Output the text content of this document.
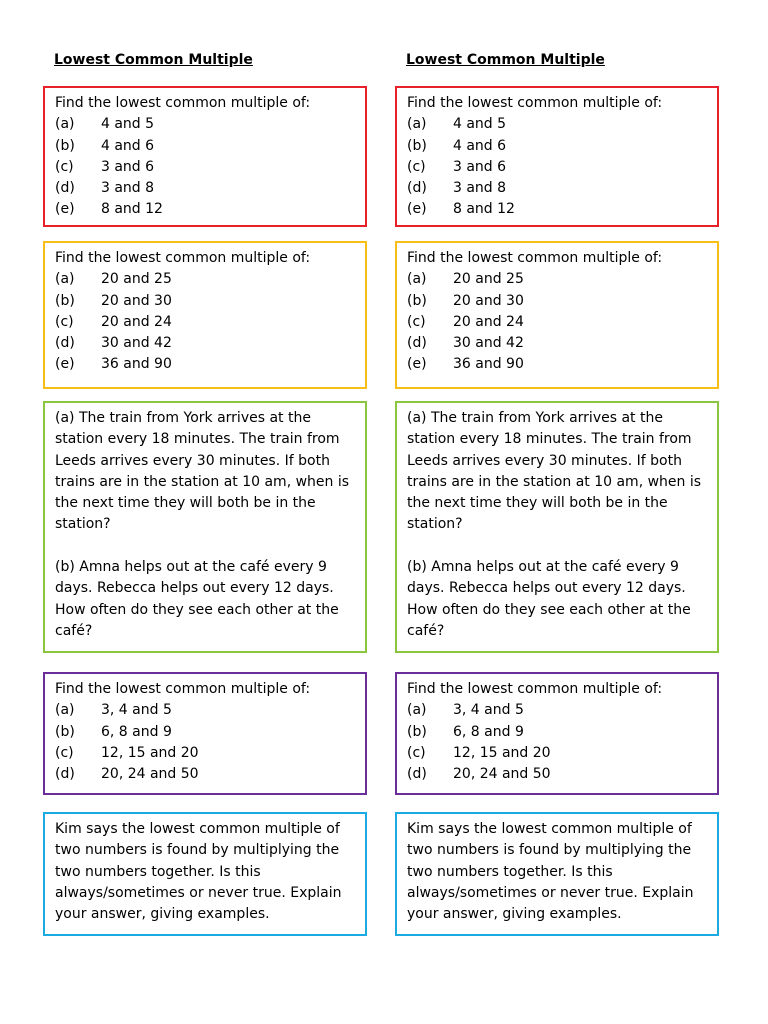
Lowest Common Multiple
Find the lowest common multiple of:
(a)	4 and 5
(b)	4 and 6
(c)	3 and 6
(d)	3 and 8
(e)	8 and 12
Find the lowest common multiple of:
(a)	20 and 25
(b)	20 and 30
(c)	20 and 24
(d)	30 and 42
(e)	36 and 90
(a) The train from York arrives at the
station every 18 minutes. The train from
Leeds arrives every 30 minutes. If both
trains are in the station at 10 am, when is
the next time they will both be in the
station?
(b) Amna helps out at the café every 9
days. Rebecca helps out every 12 days.
How often do they see each other at the
café?
Find the lowest common multiple of:
(a)	3, 4 and 5
(b)	6, 8 and 9
(c)	12, 15 and 20
(d)	20, 24 and 50
Kim says the lowest common multiple of
two numbers is found by multiplying the
two numbers together. Is this
always/sometimes or never true. Explain
your answer, giving examples.
Lowest Common Multiple
Find the lowest common multiple of:
(a)	4 and 5
(b)	4 and 6
(c)	3 and 6
(d)	3 and 8
(e)	8 and 12
Find the lowest common multiple of:
(a)	20 and 25
(b)	20 and 30
(c)	20 and 24
(d)	30 and 42
(e)	36 and 90
(a) The train from York arrives at the
station every 18 minutes. The train from
Leeds arrives every 30 minutes. If both
trains are in the station at 10 am, when is
the next time they will both be in the
station?
(b) Amna helps out at the café every 9
days. Rebecca helps out every 12 days.
How often do they see each other at the
café?
Find the lowest common multiple of:
(a)	3, 4 and 5
(b)	6, 8 and 9
(c)	12, 15 and 20
(d)	20, 24 and 50
Kim says the lowest common multiple of
two numbers is found by multiplying the
two numbers together. Is this
always/sometimes or never true. Explain
your answer, giving examples.
